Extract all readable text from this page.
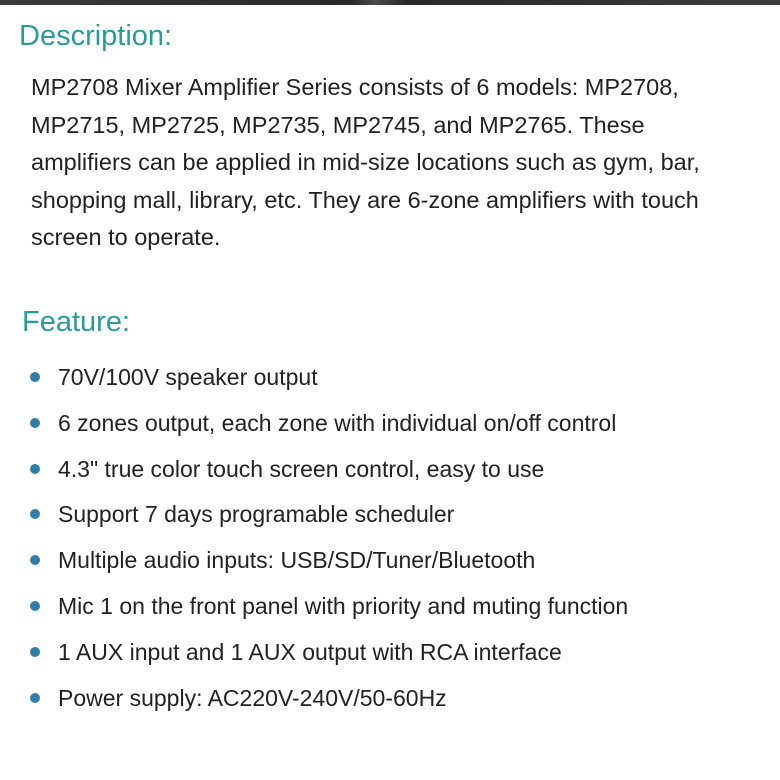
Description:

MP2708 Mixer Amplifier Series consists of 6 models: MP2708, MP2715, MP2725, MP2735, MP2745, and MP2765. These amplifiers can be applied in mid-size locations such as gym, bar, shopping mall, library, etc. They are 6-zone amplifiers with touch screen to operate.

Feature:
70V/100V speaker output
6 zones output, each zone with individual on/off control
4.3" true color touch screen control, easy to use
Support 7 days programable scheduler
Multiple audio inputs: USB/SD/Tuner/Bluetooth
Mic 1 on the front panel with priority and muting function
1 AUX input and 1 AUX output with RCA interface
Power supply: AC220V-240V/50-60Hz
